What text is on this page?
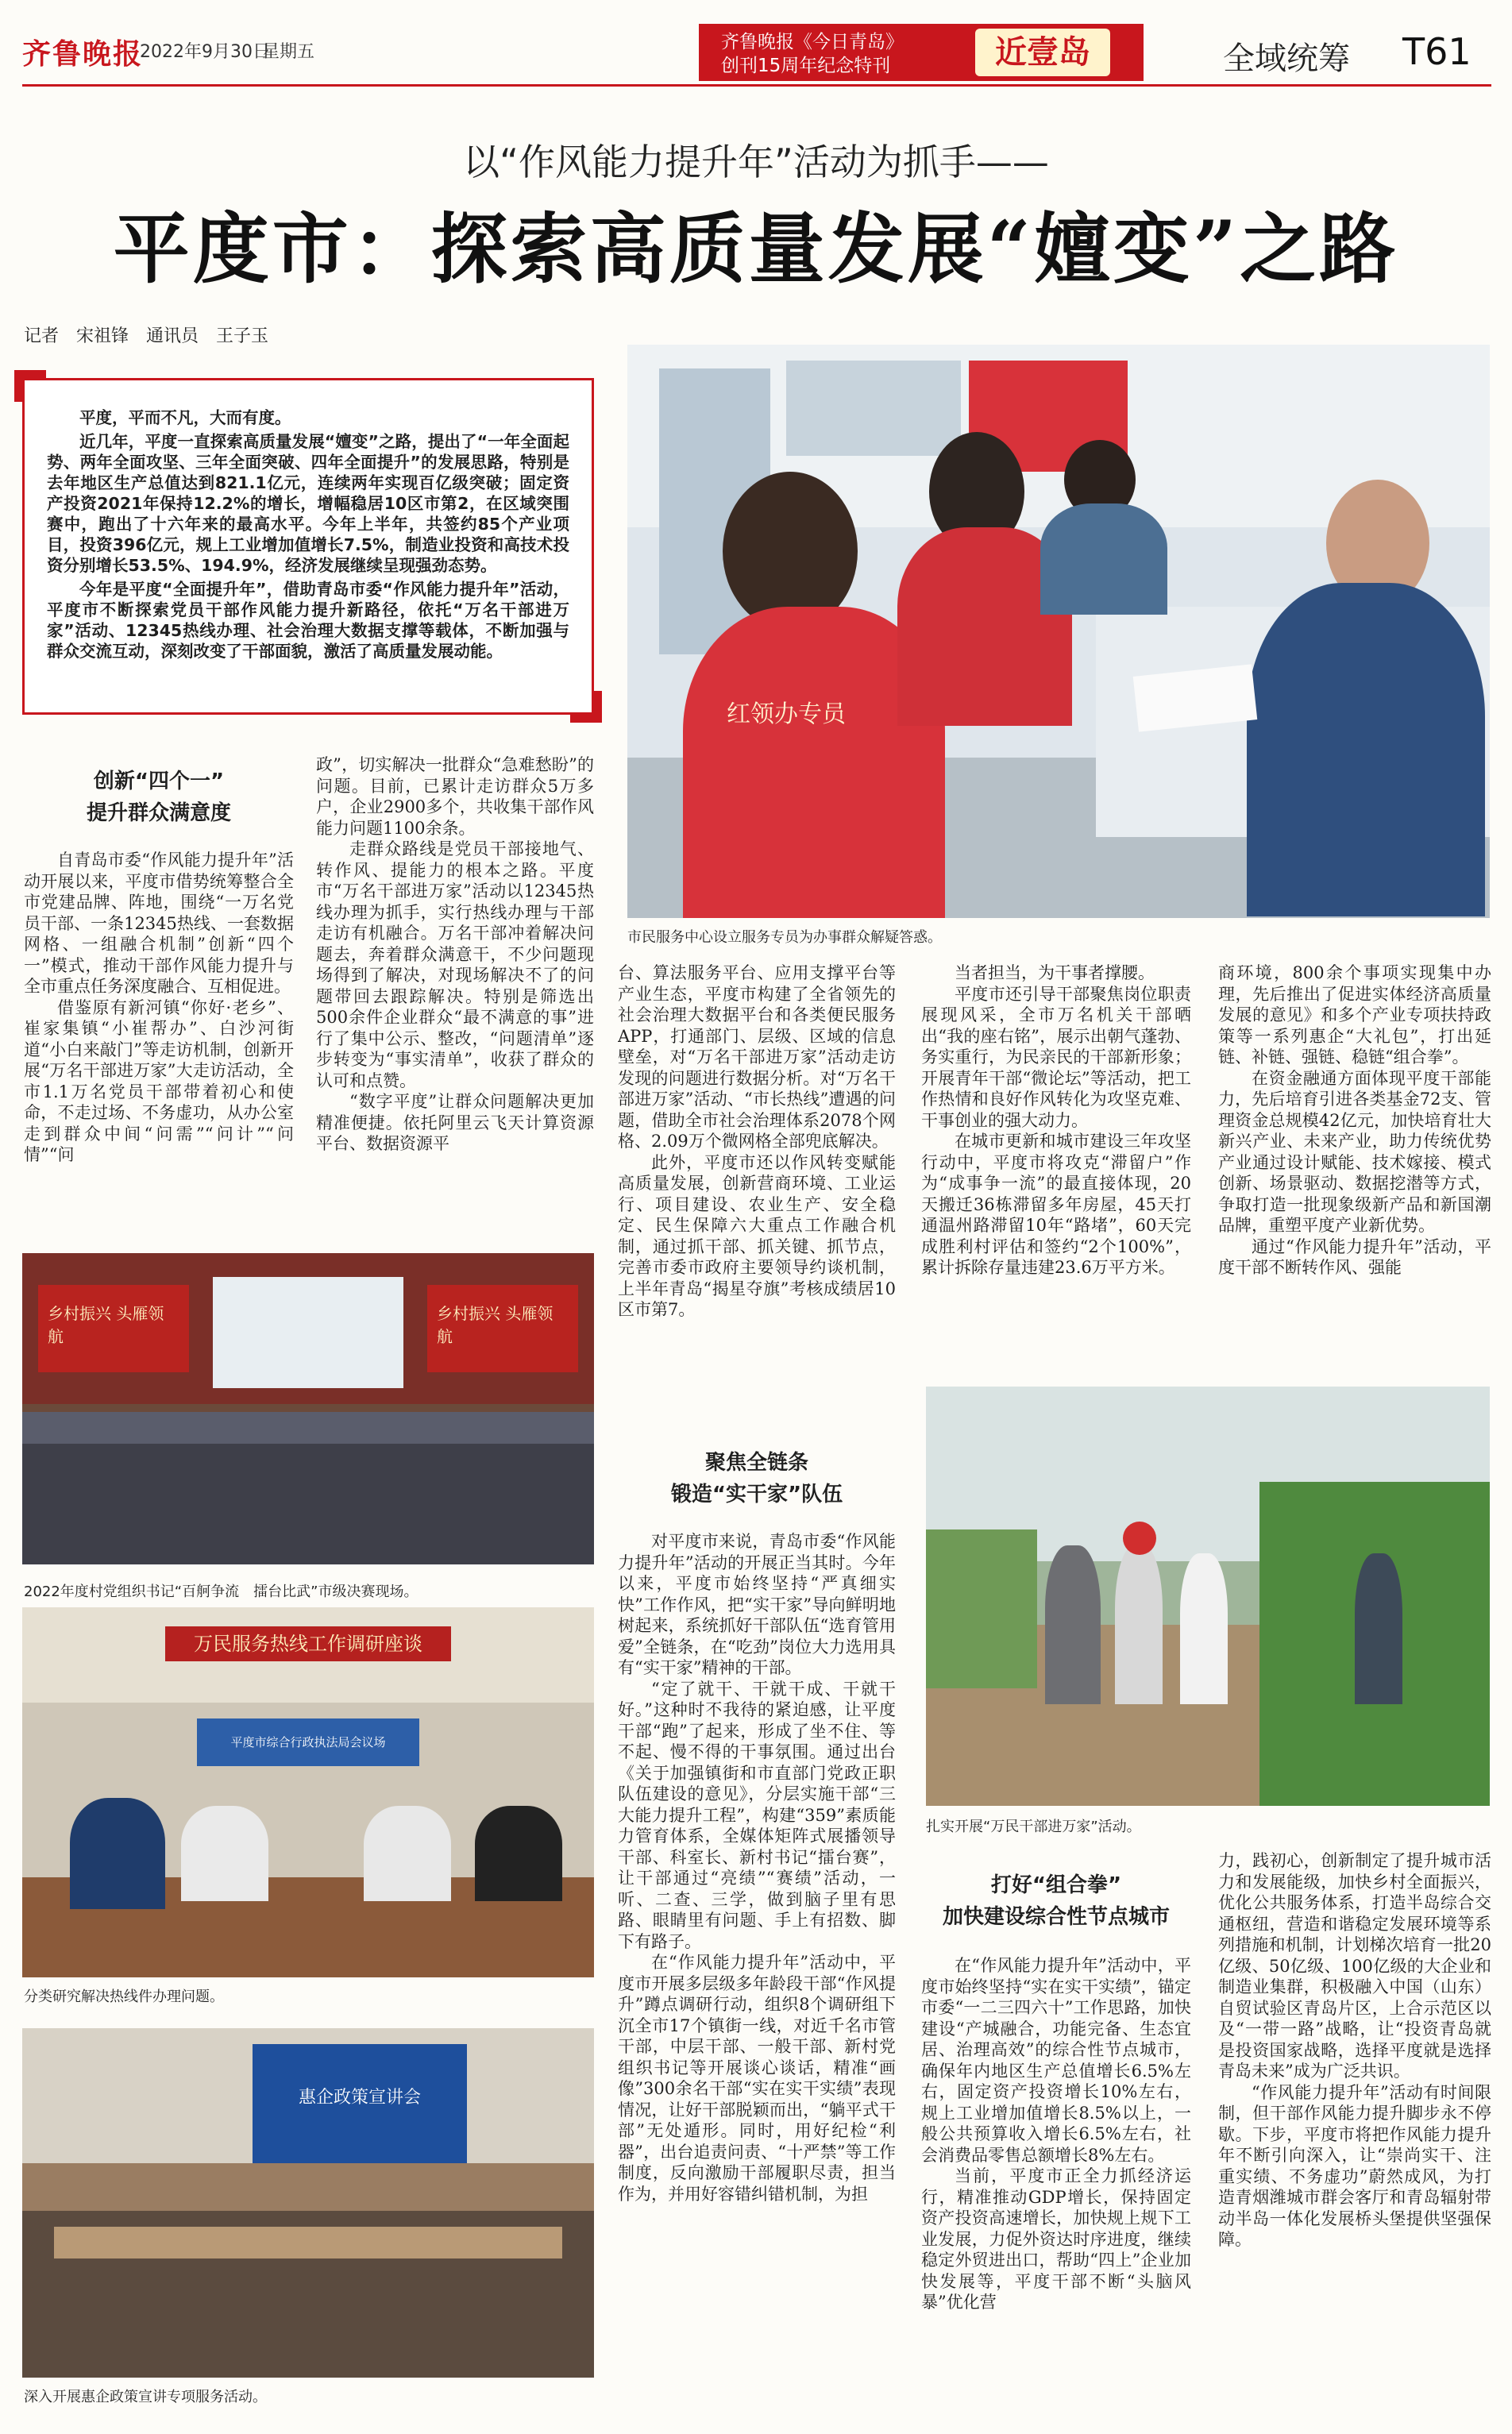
齐鲁晚报
2022年9月30日
星期五	齐鲁晚报《今日青岛》
创刊15周年纪念特刊	近壹岛	全域统筹 T61
以“作风能力提升年”活动为抓手——
平度市：探索高质量发展“嬗变”之路
记者　宋祖锋　通讯员　王子玉

平度，平而不凡，大而有度。

近几年，平度一直探索高质量发展“嬗变”之路，提出了“一年全面起势、两年全面攻坚、三年全面突破、四年全面提升”的发展思路，特别是去年地区生产总值达到821.1亿元，连续两年实现百亿级突破；固定资产投资2021年保持12.2%的增长，增幅稳居10区市第2，在区域突围赛中，跑出了十六年来的最高水平。今年上半年，共签约85个产业项目，投资396亿元，规上工业增加值增长7.5%，制造业投资和高技术投资分别增长53.5%、194.9%，经济发展继续呈现强劲态势。

今年是平度“全面提升年”，借助青岛市委“作风能力提升年”活动，平度市不断探索党员干部作风能力提升新路径，依托“万名干部进万家”活动、12345热线办理、社会治理大数据支撑等载体，不断加强与群众交流互动，深刻改变了干部面貌，激活了高质量发展动能。

红领办专员
市民服务中心设立服务专员为办事群众解疑答惑。
创新“四个一”
提升群众满意度

自青岛市委“作风能力提升年”活动开展以来，平度市借势统筹整合全市党建品牌、阵地，围绕“一万名党员干部、一条12345热线、一套数据网格、一组融合机制”创新“四个一”模式，推动干部作风能力提升与全市重点任务深度融合、互相促进。

借鉴原有新河镇“你好·老乡”、崔家集镇“小崔帮办”、白沙河街道“小白来敲门”等走访机制，创新开展“万名干部进万家”大走访活动，全市1.1万名党员干部带着初心和使命，不走过场、不务虚功，从办公室走到群众中间“问需”“问计”“问情”“问

政”，切实解决一批群众“急难愁盼”的问题。目前，已累计走访群众5万多户，企业2900多个，共收集干部作风能力问题1100余条。

走群众路线是党员干部接地气、转作风、提能力的根本之路。平度市“万名干部进万家”活动以12345热线办理为抓手，实行热线办理与干部走访有机融合。万名干部冲着解决问题去，奔着群众满意干，不少问题现场得到了解决，对现场解决不了的问题带回去跟踪解决。特别是筛选出500余件企业群众“最不满意的事”进行了集中公示、整改，“问题清单”逐步转变为“事实清单”，收获了群众的认可和点赞。

“数字平度”让群众问题解决更加精准便捷。依托阿里云飞天计算资源平台、数据资源平

乡村振兴 头雁领航
乡村振兴 头雁领航
2022年度村党组织书记“百舸争流　擂台比武”市级决赛现场。
万民服务热线工作调研座谈
平度市综合行政执法局会议场
分类研究解决热线件办理问题。
惠企政策宣讲会
深入开展惠企政策宣讲专项服务活动。

台、算法服务平台、应用支撑平台等产业生态，平度市构建了全省领先的社会治理大数据平台和各类便民服务APP，打通部门、层级、区域的信息壁垒，对“万名干部进万家”活动走访发现的问题进行数据分析。对“万名干部进万家”活动、“市长热线”遭遇的问题，借助全市社会治理体系2078个网格、2.09万个微网格全部兜底解决。

此外，平度市还以作风转变赋能高质量发展，创新营商环境、工业运行、项目建设、农业生产、安全稳定、民生保障六大重点工作融合机制，通过抓干部、抓关键、抓节点，完善市委市政府主要领导约谈机制，上半年青岛“揭星夺旗”考核成绩居10区市第7。

聚焦全链条
锻造“实干家”队伍

对平度市来说，青岛市委“作风能力提升年”活动的开展正当其时。今年以来，平度市始终坚持“严真细实快”工作作风，把“实干家”导向鲜明地树起来，系统抓好干部队伍“选育管用爱”全链条，在“吃劲”岗位大力选用具有“实干家”精神的干部。

“定了就干、干就干成、干就干好。”这种时不我待的紧迫感，让平度干部“跑”了起来，形成了坐不住、等不起、慢不得的干事氛围。通过出台《关于加强镇街和市直部门党政正职队伍建设的意见》，分层实施干部“三大能力提升工程”，构建“359”素质能力管育体系，全媒体矩阵式展播领导干部、科室长、新村书记“擂台赛”，让干部通过“亮绩”“赛绩”活动，一听、二查、三学，做到脑子里有思路、眼睛里有问题、手上有招数、脚下有路子。

在“作风能力提升年”活动中，平度市开展多层级多年龄段干部“作风提升”蹲点调研行动，组织8个调研组下沉全市17个镇街一线，对近千名市管干部，中层干部、一般干部、新村党组织书记等开展谈心谈话，精准“画像”300余名干部“实在实干实绩”表现情况，让好干部脱颖而出，“躺平式干部”无处遁形。同时，用好纪检“利器”，出台追责问责、“十严禁”等工作制度，反向激励干部履职尽责，担当作为，并用好容错纠错机制，为担

当者担当，为干事者撑腰。

平度市还引导干部聚焦岗位职责展现风采，全市万名机关干部晒出“我的座右铭”，展示出朝气蓬勃、务实重行，为民亲民的干部新形象；开展青年干部“微论坛”等活动，把工作热情和良好作风转化为攻坚克难、干事创业的强大动力。

在城市更新和城市建设三年攻坚行动中，平度市将攻克“滞留户”作为“成事争一流”的最直接体现，20天搬迁36栋滞留多年房屋，45天打通温州路滞留10年“路堵”，60天完成胜利村评估和签约“2个100%”，累计拆除存量违建23.6万平方米。

商环境，800余个事项实现集中办理，先后推出了促进实体经济高质量发展的意见》和多个产业专项扶持政策等一系列惠企“大礼包”，打出延链、补链、强链、稳链“组合拳”。

在资金融通方面体现平度干部能力，先后培育引进各类基金72支、管理资金总规模42亿元，加快培育壮大新兴产业、未来产业，助力传统优势产业通过设计赋能、技术嫁接、模式创新、场景驱动、数据挖潜等方式，争取打造一批现象级新产品和新国潮品牌，重塑平度产业新优势。

通过“作风能力提升年”活动，平度干部不断转作风、强能

扎实开展“万民干部进万家”活动。
打好“组合拳”
加快建设综合性节点城市

在“作风能力提升年”活动中，平度市始终坚持“实在实干实绩”，锚定市委“一二三四六十”工作思路，加快建设“产城融合，功能完备、生态宜居、治理高效”的综合性节点城市，确保年内地区生产总值增长6.5%左右，固定资产投资增长10%左右，规上工业增加值增长8.5%以上，一般公共预算收入增长6.5%左右，社会消费品零售总额增长8%左右。

当前，平度市正全力抓经济运行，精准推动GDP增长，保持固定资产投资高速增长，加快规上规下工业发展，力促外资达时序进度，继续稳定外贸进出口，帮助“四上”企业加快发展等，平度干部不断“头脑风暴”优化营

力，践初心，创新制定了提升城市活力和发展能级，加快乡村全面振兴，优化公共服务体系，打造半岛综合交通枢纽，营造和谐稳定发展环境等系列措施和机制，计划梯次培育一批20亿级、50亿级、100亿级的大企业和制造业集群，积极融入中国（山东）自贸试验区青岛片区，上合示范区以及“一带一路”战略，让“投资青岛就是投资国家战略，选择平度就是选择青岛未来”成为广泛共识。

“作风能力提升年”活动有时间限制，但干部作风能力提升脚步永不停歇。下步，平度市将把作风能力提升年不断引向深入，让“崇尚实干、注重实绩、不务虚功”蔚然成风，为打造青烟潍城市群会客厅和青岛辐射带动半岛一体化发展桥头堡提供坚强保障。
